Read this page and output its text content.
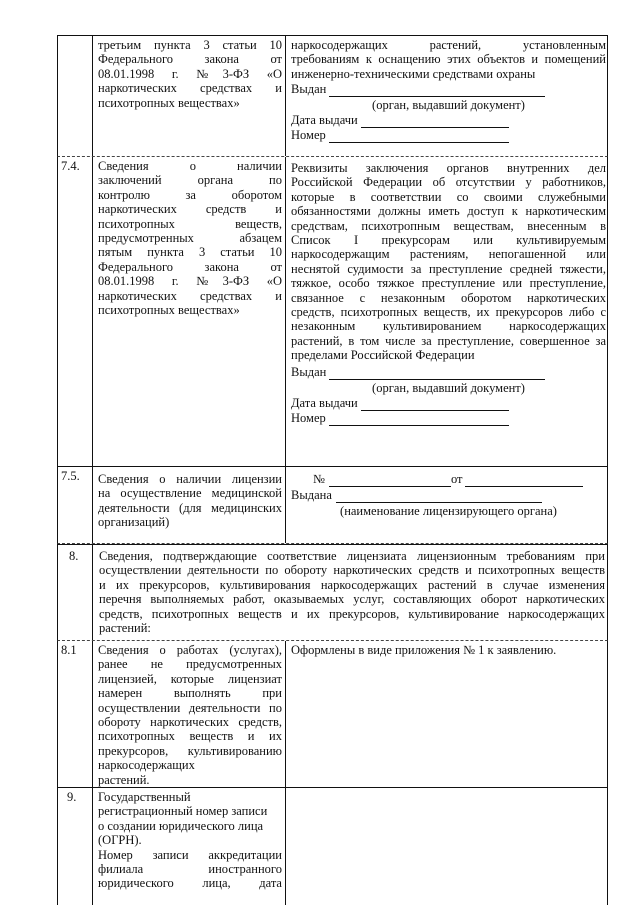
третьим пункта 3 статьи 10
Федерального закона от
08.01.1998 г. №3-ФЗ «О
наркотических средствах и
психотропных веществах»
наркосодержащих растений, установленным
требованиям к оснащению этих объектов и помещений
инженерно-техническими средствами охраны
Выдан
(орган, выдавший документ)
Дата выдачи
Номер
7.4. Сведения о наличии
заключений органа по
контролю за оборотом
наркотических средств и
психотропных веществ,
предусмотренных абзацем
пятым пункта 3 статьи 10
Федерального закона от
08.01.1998 г. №3-ФЗ «О
наркотических средствах и
психотропных веществах»
Реквизиты заключения органов внутренних дел
Российской Федерации об отсутствии у работников,
которые в соответствии со своими служебными
обязанностями должны иметь доступ к наркотическим
средствам, психотропным веществам, внесенным в
Список I прекурсорам или культивируемым
наркосодержащим растениям, непогашенной или
неснятой судимости за преступление средней тяжести,
тяжкое, особо тяжкое преступление или преступление,
связанное с незаконным оборотом наркотических
средств, психотропных веществ, их прекурсоров либо с
незаконным культивированием наркосодержащих
растений, в том числе за преступление, совершенное за
пределами Российской Федерации
Выдан
(орган, выдавший документ)
Дата выдачи
Номер
7.5. Сведения о наличии лицензии
на осуществление медицинской
деятельности (для медицинских
организаций)
№	от
Выдана
(наименование лицензирующего органа)
8. Сведения, подтверждающие соответствие лицензиата лицензионным требованиям при
осуществлении деятельности по обороту наркотических средств и психотропных веществ
и их прекурсоров, культивирования наркосодержащих растений в случае изменения
перечня выполняемых работ, оказываемых услуг, составляющих оборот наркотических
средств, психотропных веществ и их прекурсоров, культивирование наркосодержащих
растений:
8.1 Сведения о работах (услугах),
ранее не предусмотренных
лицензией, которые лицензиат
намерен выполнять при
осуществлении деятельности по
обороту наркотических средств,
психотропных веществ и их
прекурсоров, культивированию
наркосодержащих
растений.
Оформлены в виде приложения № 1 к заявлению.
9. Государственный
регистрационный номер записи
о создании юридического лица
(ОГРН).
Номер записи аккредитации
филиала иностранного
юридического лица, дата
